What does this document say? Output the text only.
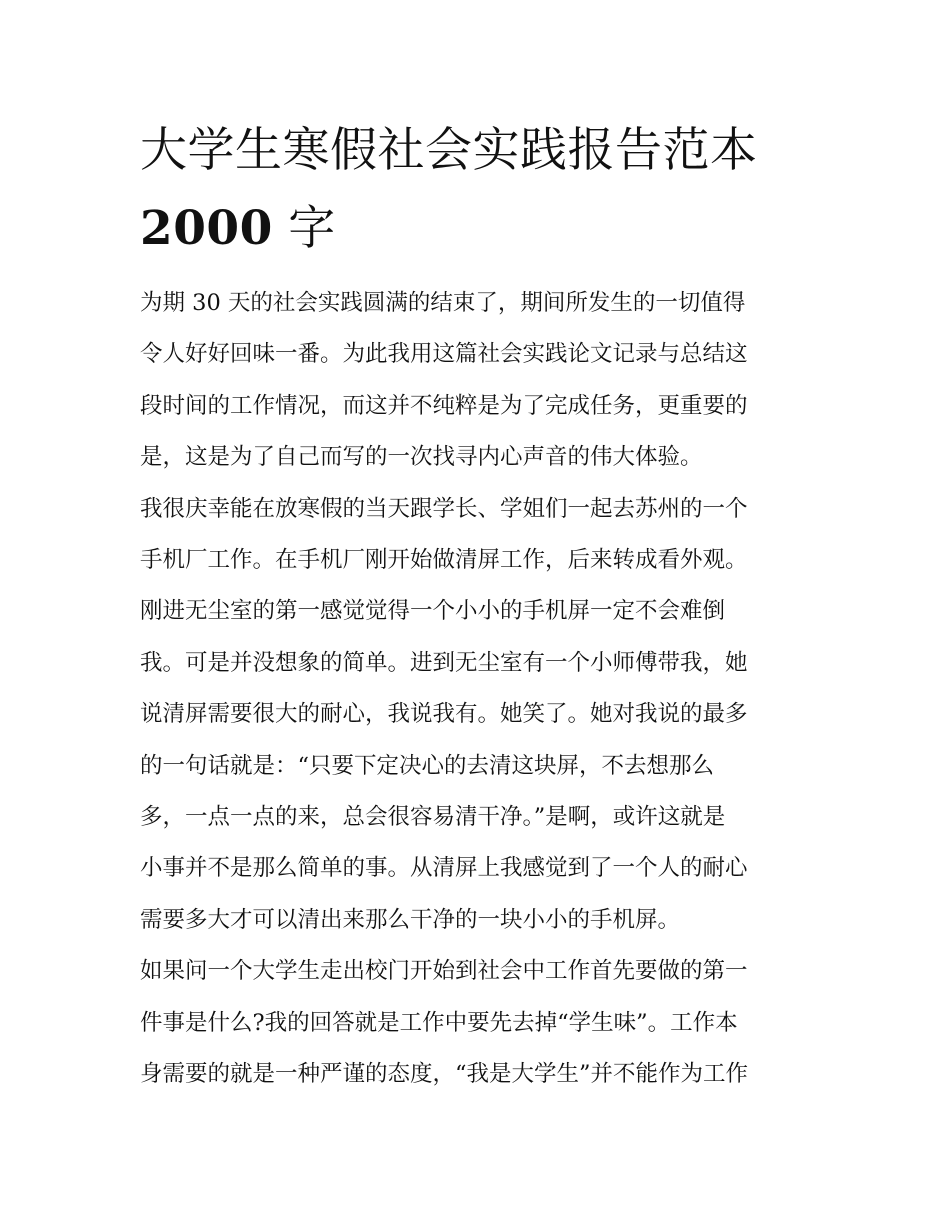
大学生寒假社会实践报告范本
2000 字
为期 30 天的社会实践圆满的结束了，期间所发生的一切值得
令人好好回味一番。为此我用这篇社会实践论文记录与总结这
段时间的工作情况，而这并不纯粹是为了完成任务，更重要的
是，这是为了自己而写的一次找寻内心声音的伟大体验。
我很庆幸能在放寒假的当天跟学长、学姐们一起去苏州的一个
手机厂工作。在手机厂刚开始做清屏工作，后来转成看外观。
刚进无尘室的第一感觉觉得一个小小的手机屏一定不会难倒
我。可是并没想象的简单。进到无尘室有一个小师傅带我，她
说清屏需要很大的耐心，我说我有。她笑了。她对我说的最多
的一句话就是：“只要下定决心的去清这块屏，不去想那么
多，一点一点的来，总会很容易清干净。”是啊，或许这就是
小事并不是那么简单的事。从清屏上我感觉到了一个人的耐心
需要多大才可以清出来那么干净的一块小小的手机屏。
如果问一个大学生走出校门开始到社会中工作首先要做的第一
件事是什么?我的回答就是工作中要先去掉“学生味”。工作本
身需要的就是一种严谨的态度，“我是大学生”并不能作为工作
